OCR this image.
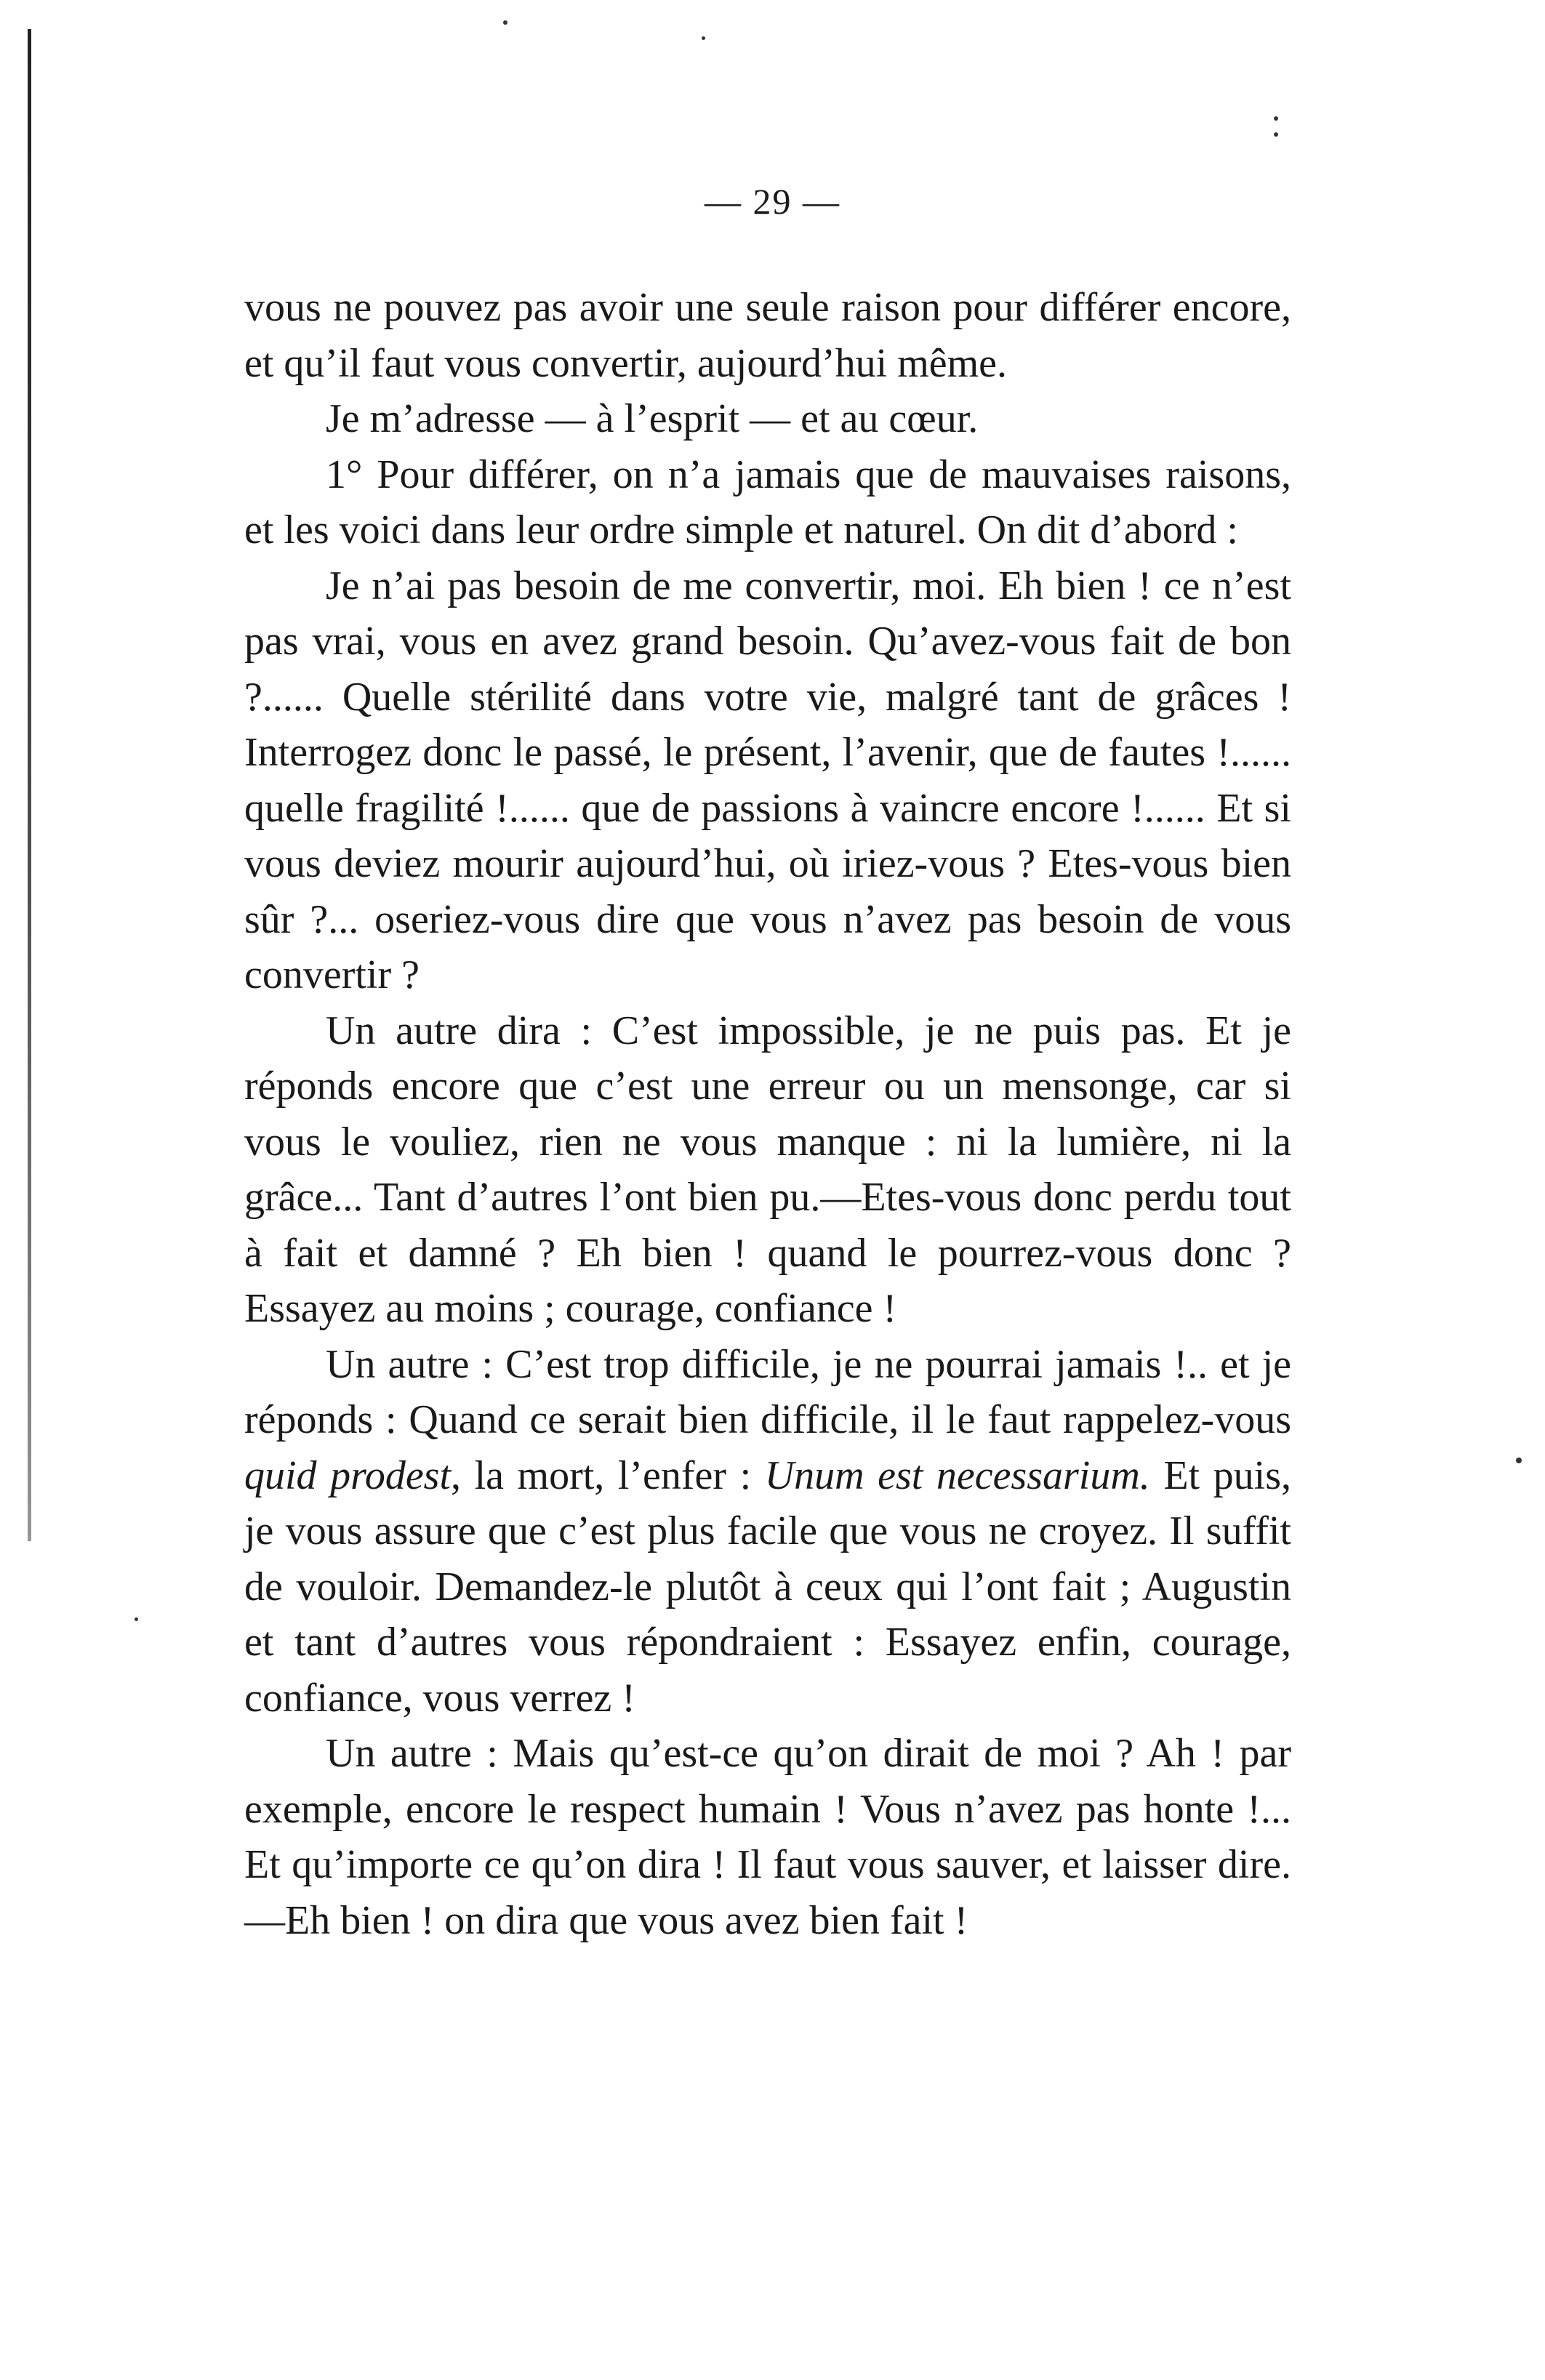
— 29 —

vous ne pouvez pas avoir une seule raison pour différer encore, et qu’il faut vous convertir, aujourd’hui même.

Je m’adresse — à l’esprit — et au cœur.

1° Pour différer, on n’a jamais que de mauvaises raisons, et les voici dans leur ordre simple et naturel. On dit d’abord :

Je n’ai pas besoin de me convertir, moi. Eh bien ! ce n’est pas vrai, vous en avez grand besoin. Qu’avez-vous fait de bon ?...... Quelle stérilité dans votre vie, malgré tant de grâces ! Interrogez donc le passé, le présent, l’avenir, que de fautes !...... quelle fragilité !...... que de passions à vaincre encore !...... Et si vous deviez mourir aujourd’hui, où iriez-vous ? Etes-vous bien sûr ?... oseriez-vous dire que vous n’avez pas besoin de vous convertir ?

Un autre dira : C’est impossible, je ne puis pas. Et je réponds encore que c’est une erreur ou un mensonge, car si vous le vouliez, rien ne vous manque : ni la lumière, ni la grâce... Tant d’autres l’ont bien pu.—Etes-vous donc perdu tout à fait et damné ? Eh bien ! quand le pourrez-vous donc ? Essayez au moins ; courage, confiance !

Un autre : C’est trop difficile, je ne pourrai jamais !.. et je réponds : Quand ce serait bien difficile, il le faut rappelez-vous quid prodest, la mort, l’enfer : Unum est necessarium. Et puis, je vous assure que c’est plus facile que vous ne croyez. Il suffit de vouloir. Demandez-le plutôt à ceux qui l’ont fait ; Augustin et tant d’autres vous répondraient : Essayez enfin, courage, confiance, vous verrez !

Un autre : Mais qu’est-ce qu’on dirait de moi ? Ah ! par exemple, encore le respect humain ! Vous n’avez pas honte !... Et qu’importe ce qu’on dira ! Il faut vous sauver, et laisser dire.—Eh bien ! on dira que vous avez bien fait !
